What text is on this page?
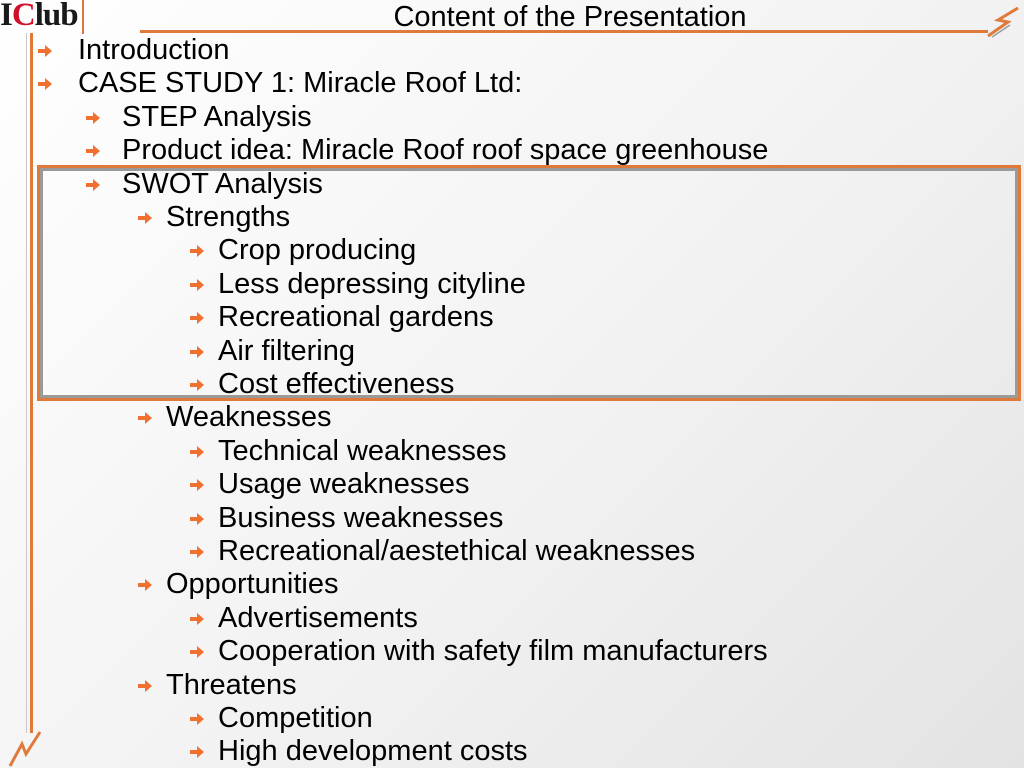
IClub	Content of the Presentation
Introduction
CASE STUDY 1: Miracle Roof Ltd:
STEP Analysis
Product idea: Miracle Roof roof space greenhouse
SWOT Analysis
Strengths
Crop producing
Less depressing cityline
Recreational gardens
Air filtering
Cost effectiveness
Weaknesses
Technical weaknesses
Usage weaknesses
Business weaknesses
Recreational/aestethical weaknesses
Opportunities
Advertisements
Cooperation with safety film manufacturers
Threatens
Competition
High development costs
